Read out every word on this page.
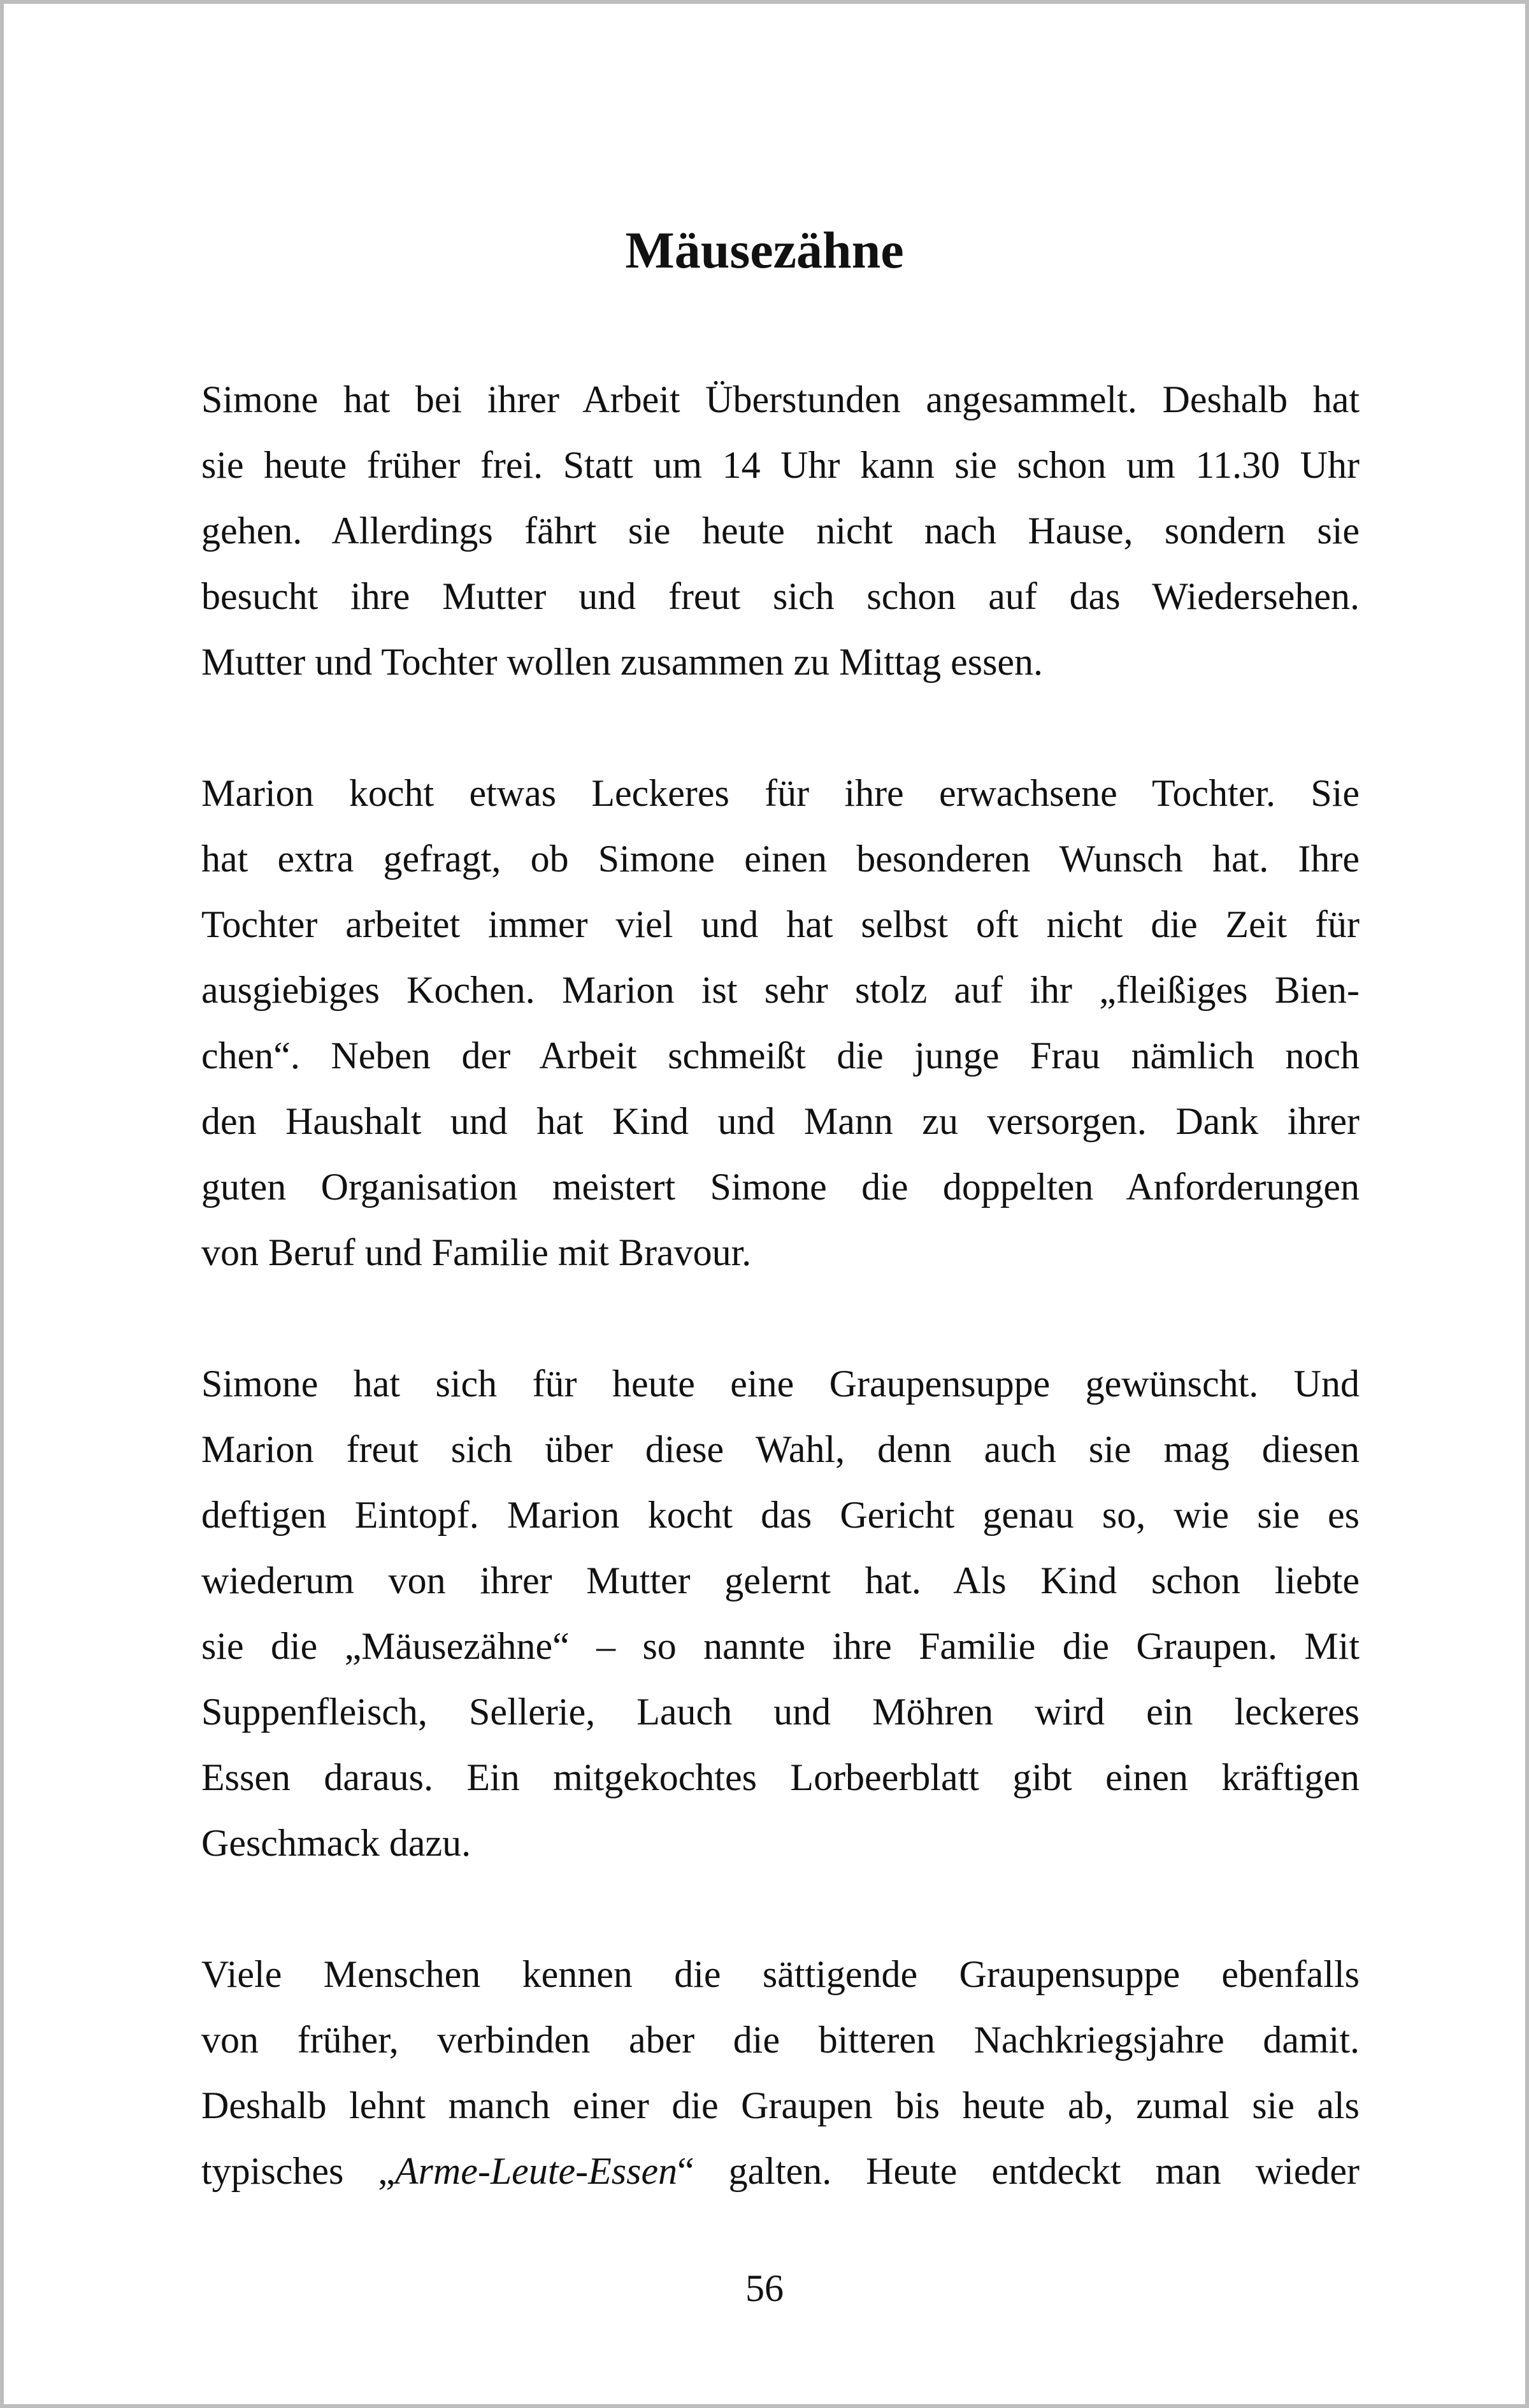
Mäusezähne

Simone hat bei ihrer Arbeit Überstunden angesammelt. Deshalb hat
sie heute früher frei. Statt um 14 Uhr kann sie schon um 11.30 Uhr
gehen. Allerdings fährt sie heute nicht nach Hause, sondern sie
besucht ihre Mutter und freut sich schon auf das Wiedersehen.
Mutter und Tochter wollen zusammen zu Mittag essen.

Marion kocht etwas Leckeres für ihre erwachsene Tochter. Sie
hat extra gefragt, ob Simone einen besonderen Wunsch hat. Ihre
Tochter arbeitet immer viel und hat selbst oft nicht die Zeit für
ausgiebiges Kochen. Marion ist sehr stolz auf ihr „fleißiges Bien-
chen“. Neben der Arbeit schmeißt die junge Frau nämlich noch
den Haushalt und hat Kind und Mann zu versorgen. Dank ihrer
guten Organisation meistert Simone die doppelten Anforderungen
von Beruf und Familie mit Bravour.

Simone hat sich für heute eine Graupensuppe gewünscht. Und
Marion freut sich über diese Wahl, denn auch sie mag diesen
deftigen Eintopf. Marion kocht das Gericht genau so, wie sie es
wiederum von ihrer Mutter gelernt hat. Als Kind schon liebte
sie die „Mäusezähne“ – so nannte ihre Familie die Graupen. Mit
Suppenfleisch, Sellerie, Lauch und Möhren wird ein leckeres
Essen daraus. Ein mitgekochtes Lorbeerblatt gibt einen kräftigen
Geschmack dazu.

Viele Menschen kennen die sättigende Graupensuppe ebenfalls
von früher, verbinden aber die bitteren Nachkriegsjahre damit.
Deshalb lehnt manch einer die Graupen bis heute ab, zumal sie als
typisches „Arme-Leute-Essen“ galten. Heute entdeckt man wieder

56
